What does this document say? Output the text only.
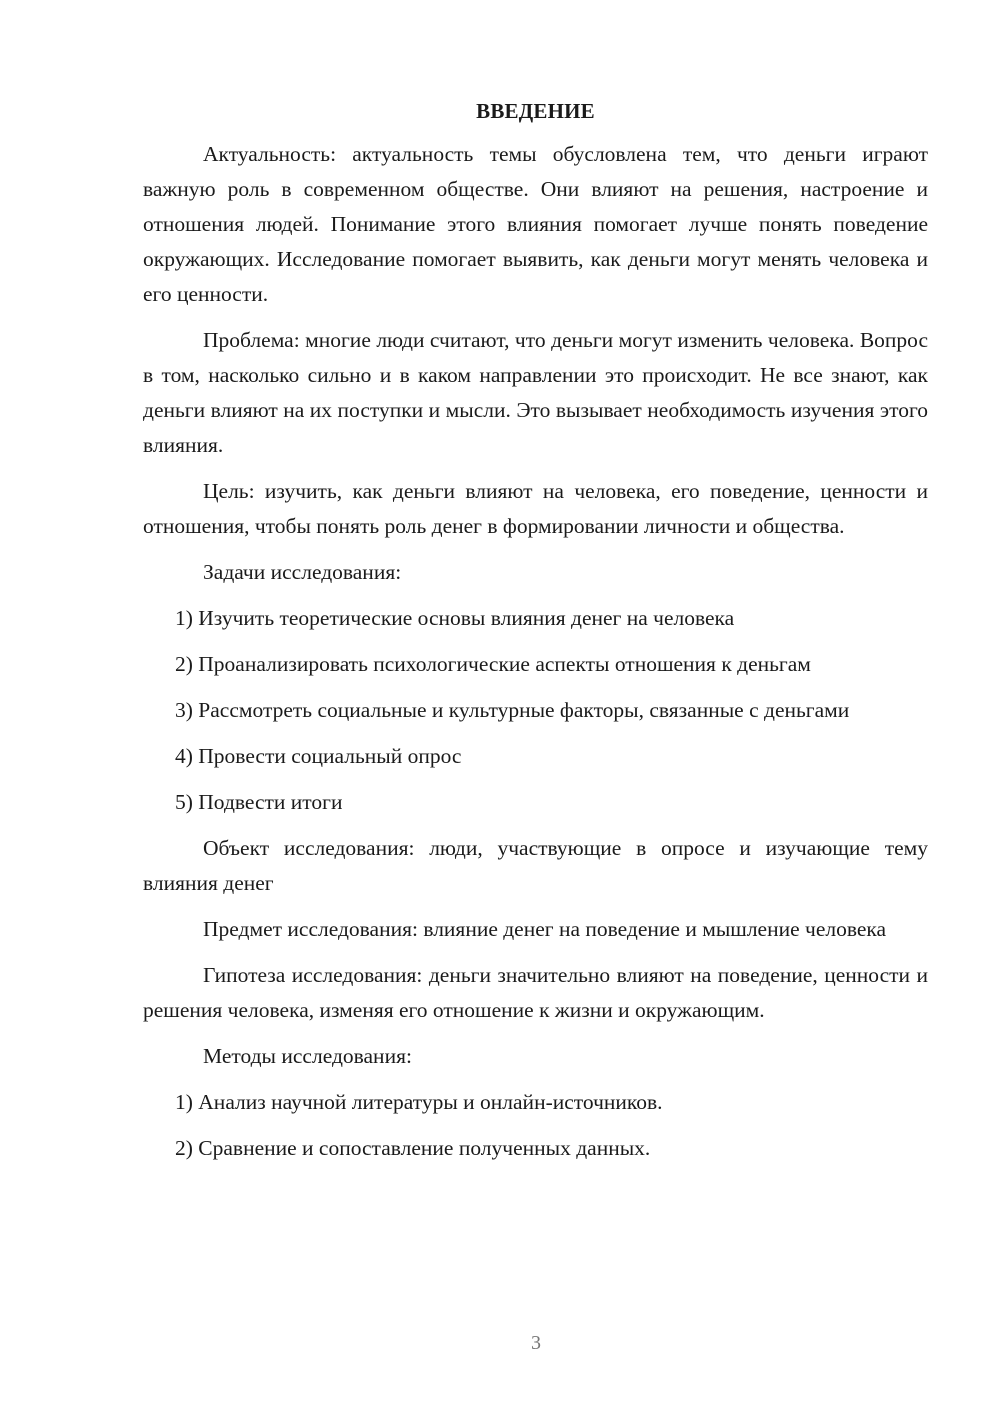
ВВЕДЕНИЕ
Актуальность: актуальность темы обусловлена тем, что деньги играют важную роль в современном обществе. Они влияют на решения, настроение и отношения людей. Понимание этого влияния помогает лучше понять поведение окружающих. Исследование помогает выявить, как деньги могут менять человека и его ценности.
Проблема: многие люди считают, что деньги могут изменить человека. Вопрос в том, насколько сильно и в каком направлении это происходит. Не все знают, как деньги влияют на их поступки и мысли. Это вызывает необходимость изучения этого влияния.
Цель: изучить, как деньги влияют на человека, его поведение, ценности и отношения, чтобы понять роль денег в формировании личности и общества.
Задачи исследования:
1) Изучить теоретические основы влияния денег на человека
2) Проанализировать психологические аспекты отношения к деньгам
3) Рассмотреть социальные и культурные факторы, связанные с деньгами
4) Провести социальный опрос
5) Подвести итоги
Объект исследования: люди, участвующие в опросе и изучающие тему влияния денег
Предмет исследования: влияние денег на поведение и мышление человека
Гипотеза исследования: деньги значительно влияют на поведение, ценности и решения человека, изменяя его отношение к жизни и окружающим.
Методы исследования:
1) Анализ научной литературы и онлайн-источников.
2) Сравнение и сопоставление полученных данных.
3
